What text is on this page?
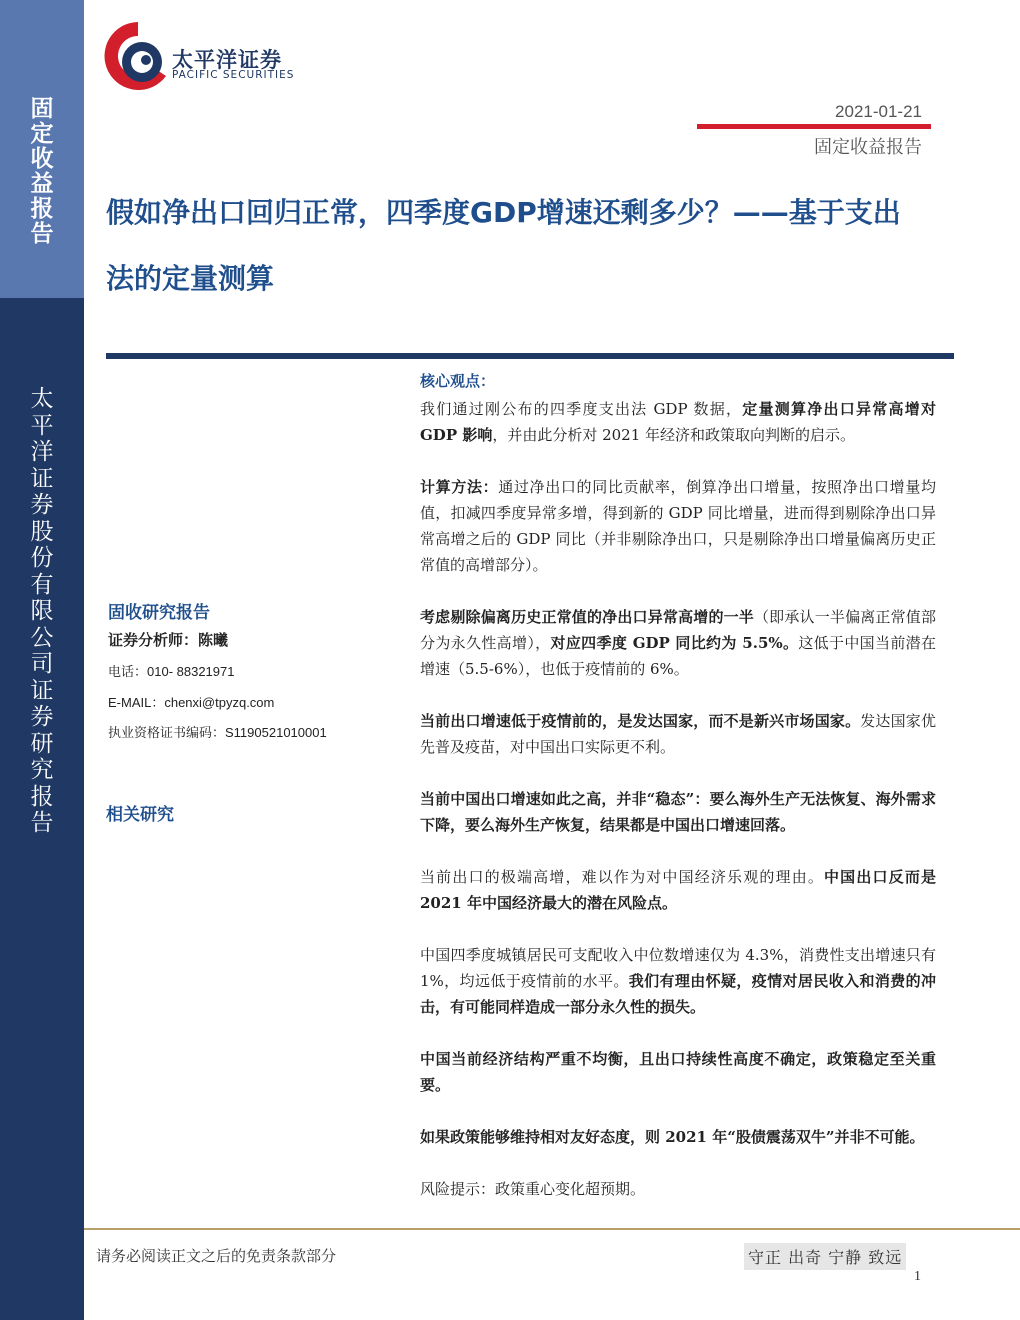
固定收益报告
太平洋证券股份有限公司证券研究报告
太平洋证券
PACIFIC SECURITIES
2021-01-21
固定收益报告
假如净出口回归正常，四季度GDP增速还剩多少？——基于支出法的定量测算
固收研究报告
证券分析师：陈曦
电话：010- 88321971
E-MAIL：chenxi@tpyzq.com
执业资格证书编码：S1190521010001
相关研究
核心观点：

我们通过刚公布的四季度支出法 GDP 数据，定量测算净出口异常高增对 GDP 影响，并由此分析对 2021 年经济和政策取向判断的启示。

计算方法：通过净出口的同比贡献率，倒算净出口增量，按照净出口增量均值，扣减四季度异常多增，得到新的 GDP 同比增量，进而得到剔除净出口异常高增之后的 GDP 同比（并非剔除净出口，只是剔除净出口增量偏离历史正常值的高增部分）。

考虑剔除偏离历史正常值的净出口异常高增的一半（即承认一半偏离正常值部分为永久性高增），对应四季度 GDP 同比约为 5.5%。这低于中国当前潜在增速（5.5-6%），也低于疫情前的 6%。

当前出口增速低于疫情前的，是发达国家，而不是新兴市场国家。发达国家优先普及疫苗，对中国出口实际更不利。

当前中国出口增速如此之高，并非“稳态”：要么海外生产无法恢复、海外需求下降，要么海外生产恢复，结果都是中国出口增速回落。

当前出口的极端高增，难以作为对中国经济乐观的理由。中国出口反而是 2021 年中国经济最大的潜在风险点。

中国四季度城镇居民可支配收入中位数增速仅为 4.3%，消费性支出增速只有 1%，均远低于疫情前的水平。我们有理由怀疑，疫情对居民收入和消费的冲击，有可能同样造成一部分永久性的损失。

中国当前经济结构严重不均衡，且出口持续性高度不确定，政策稳定至关重要。

如果政策能够维持相对友好态度，则 2021 年“股债震荡双牛”并非不可能。

风险提示：政策重心变化超预期。

请务必阅读正文之后的免责条款部分	守正 出奇 宁静 致远
1
